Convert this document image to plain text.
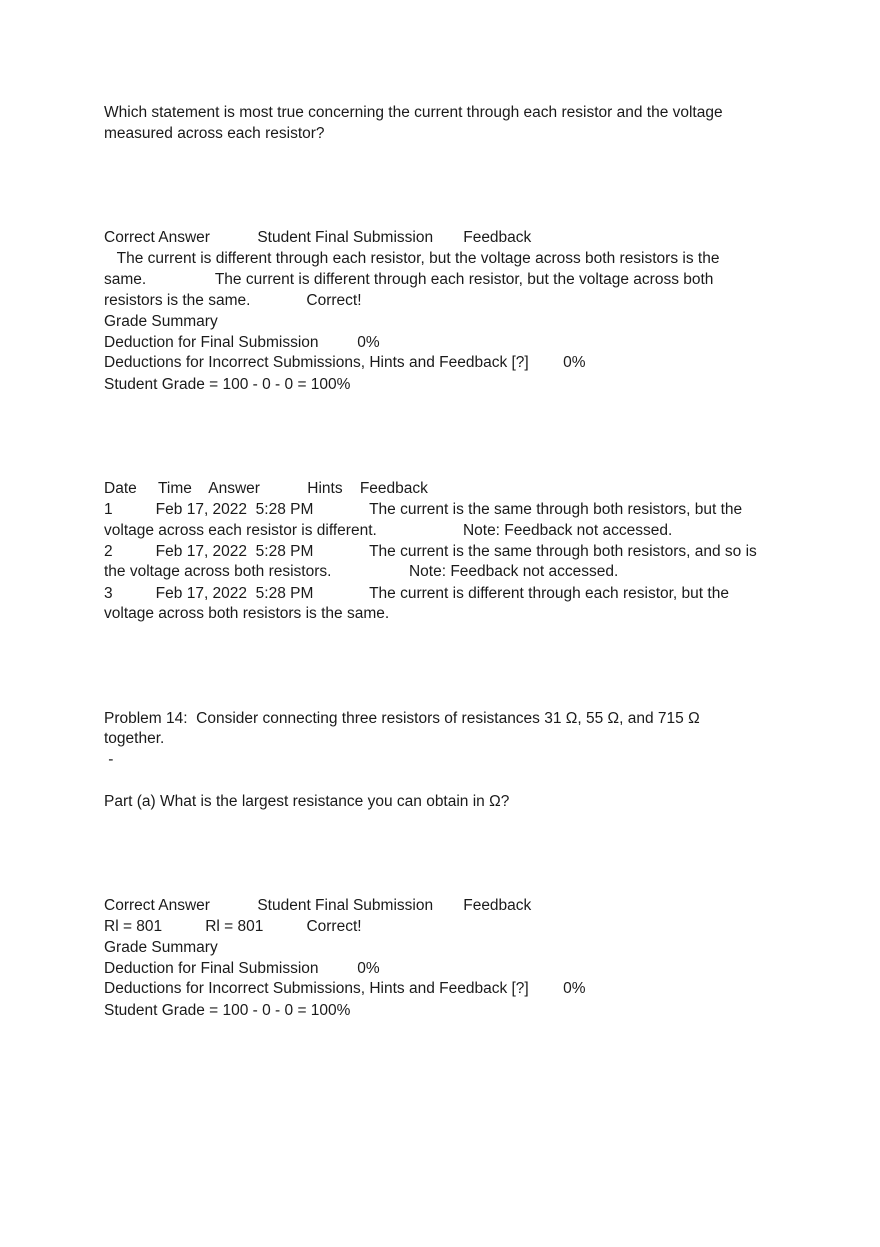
Which statement is most true concerning the current through each resistor and the voltage
measured across each resistor?
Correct Answer           Student Final Submission       Feedback
The current is different through each resistor, but the voltage across both resistors is the
same.                The current is different through each resistor, but the voltage across both
resistors is the same.             Correct!
Grade Summary
Deduction for Final Submission         0%
Deductions for Incorrect Submissions, Hints and Feedback [?]        0%
Student Grade = 100 - 0 - 0 = 100%
Date     Time    Answer           Hints    Feedback
1          Feb 17, 2022  5:28 PM             The current is the same through both resistors, but the
voltage across each resistor is different.                    Note: Feedback not accessed.
2          Feb 17, 2022  5:28 PM             The current is the same through both resistors, and so is
the voltage across both resistors.                  Note: Feedback not accessed.
3          Feb 17, 2022  5:28 PM             The current is different through each resistor, but the
voltage across both resistors is the same.
Problem 14:  Consider connecting three resistors of resistances 31 Ω, 55 Ω, and 715 Ω
together.
-
Part (a) What is the largest resistance you can obtain in Ω?
Correct Answer           Student Final Submission       Feedback
Rl = 801          Rl = 801          Correct!
Grade Summary
Deduction for Final Submission         0%
Deductions for Incorrect Submissions, Hints and Feedback [?]        0%
Student Grade = 100 - 0 - 0 = 100%
